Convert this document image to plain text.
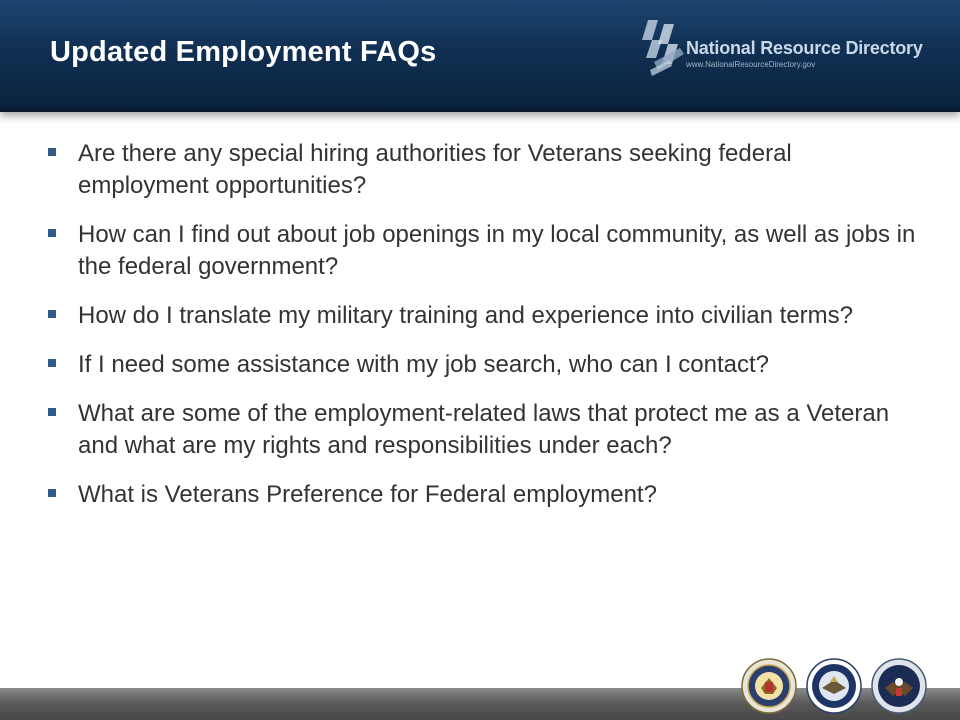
Updated Employment FAQs	National Resource Directory
www.NationalResourceDirectory.gov
Are there any special hiring authorities for Veterans seeking federal employment opportunities?
How can I find out about job openings in my local community, as well as jobs in the federal government?
How do I translate my military training and experience into civilian terms?
If I need some assistance with my job search, who can I contact?
What are some of the employment-related laws that protect me as a Veteran and what are my rights and responsibilities under each?
What is Veterans Preference for Federal employment?
